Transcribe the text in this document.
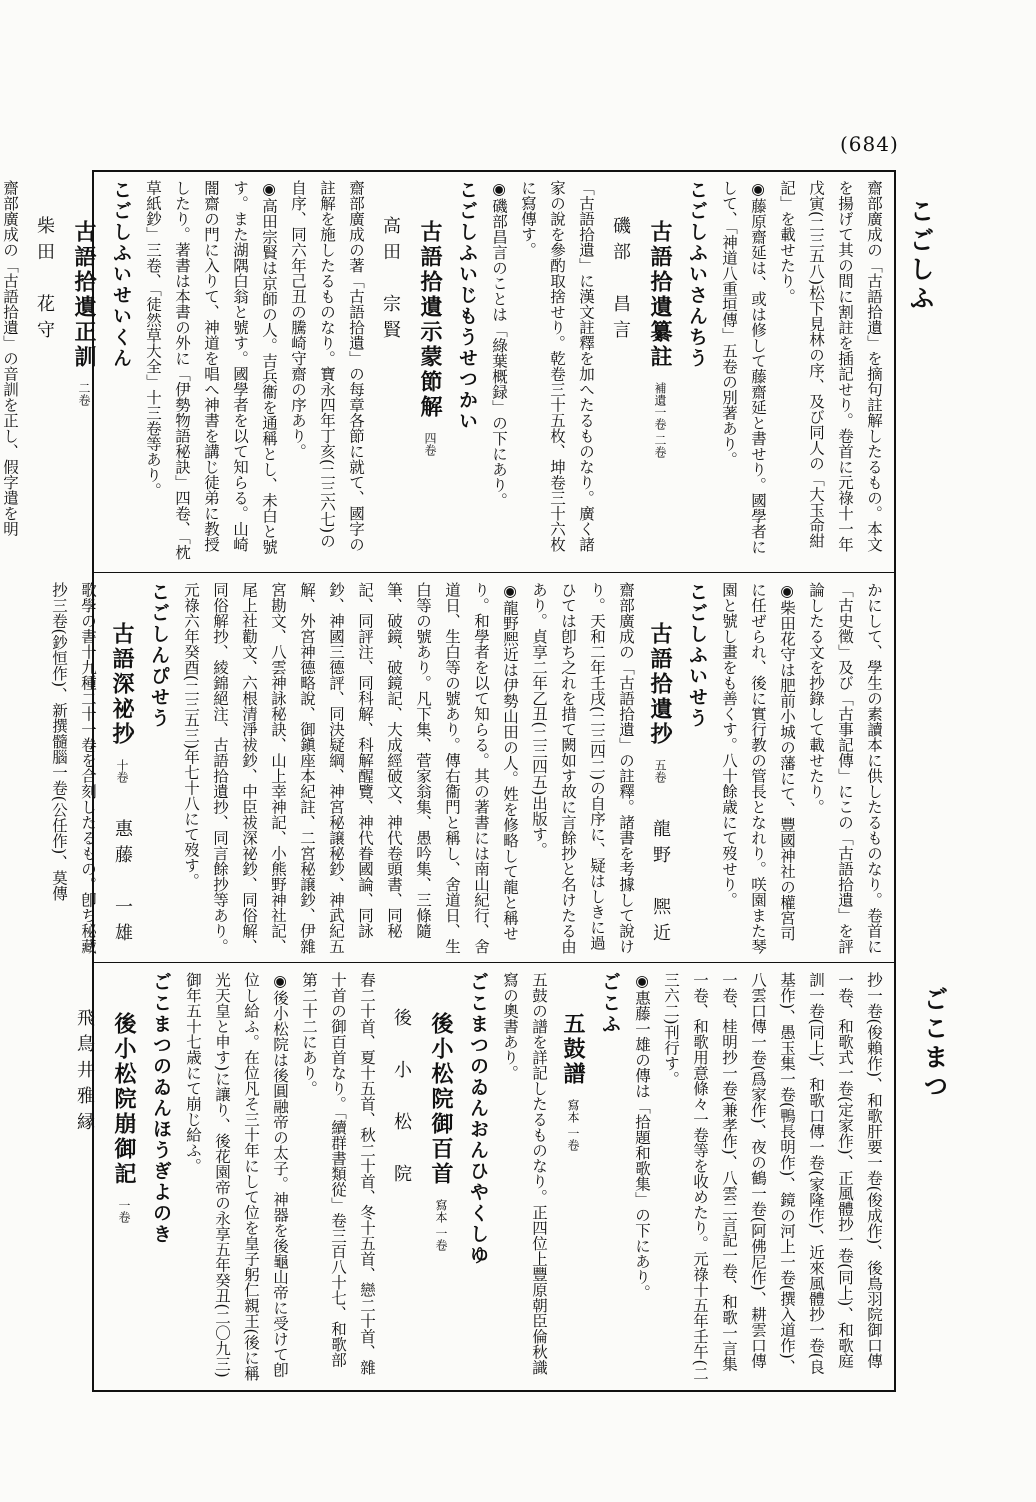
(684)
こごしふ
ごこまつ

齋部廣成の「古語拾遺」を摘句註解したるもの。本文を揚げて其の間に割註を插記せり。卷首に元祿十一年戊寅(二三五八)松下見林の序、及び同人の「大玉命紺記」を載せたり。

◉藤原齋延は、或は修して藤齋延と書せり。國學者にして、「神道八重垣傳」五卷の別著あり。

こごしふいさんちう
古語拾遺纂註補遺一卷 二卷磯部　昌言

「古語拾遺」に漢文註釋を加へたるものなり。廣く諸家の說を參酌取捨せり。乾卷三十五枚、坤卷三十六枚に寫傳す。

◉磯部昌言のことは「綠葉概録」の下にあり。

こごしふいじもうせつかい
古語拾遺示蒙節解四卷高田　宗賢

齋部廣成の著「古語拾遺」の每章各節に就て、國字の註解を施したるものなり。寶永四年丁亥(二三六七)の自序、同六年己丑の騰崎守齋の序あり。

◉高田宗賢は京師の人。吉兵衞を通稱とし、未白と號す。また湖隅白翁と號す。國學者を以て知らる。山崎闇齋の門に入りて、神道を唱へ神書を講じ徒弟に教授したり。著書は本書の外に「伊勢物語秘訣」四卷、「枕草紙鈔」三卷、「徒然草大全」十三卷等あり。

こごしふいせいくん
古語拾遺正訓二卷柴田　花守

齋部廣成の「古語拾遺」の音訓を正し、假字遣を明

かにして、學生の素讀本に供したるものなり。卷首に「古史徵」及び「古事記傳」にこの「古語拾遺」を評論したる文を抄錄して載せたり。

◉柴田花守は肥前小城の藩にて、豐國神社の權宮司に任ぜられ、後に實行教の管長となれり。咲園また琴園と號し畫をも善くす。八十餘歳にて歿せり。

こごしふいせう
古語拾遺抄五卷龍野　熈近

齋部廣成の「古語拾遺」の註釋。諸書を考據して說けり。天和二年壬戌(二三四二)の自序に、疑はしきに過ひては卽ち之れを措て闕如す故に言餘抄と名けたる由あり。貞享二年乙丑(二三四五)出版す。

◉龍野熈近は伊勢山田の人。姓を修略して龍と稱せり。和學者を以て知らる。其の著書には南山紀行、舍道日、生白等の號あり。傳右衞門と稱し、舍道日、生白等の號あり。凡下集、菅家翁集、愚吟集、三條隨筆、破鏡、破鏡記、大成經破文、神代卷頭書、同秘記、同評注、同科解、科解醒覽、神代眷國論、同詠鈔、神國三德評、同決疑綱、神宮秘譲秘鈔、神武紀五解、外宮神德略說、御鎭座本紀註、二宮秘譲鈔、伊雜宮勘文、八雲神詠秘訣、山上幸神記、小熊野神社記、尾上社勸文、六根清淨祓鈔、中臣祓深祕鈔、同俗解、同俗解抄、綾錦絕注、古語拾遺抄、同言餘抄等あり。元祿六年癸酉(二三五三)年七十八にて歿す。

こごしんぴせう
古語深祕抄十卷惠藤　一雄

歌學の書十九種二十一卷を合刻したるもの。卽ち秘藏抄三卷(鈔恒作)、新撰髓腦一卷(公任作)、莫傳

抄一卷(俊賴作)、和歌肝要一卷(俊成作)、後鳥羽院御口傳一卷、和歌式一卷(定家作)、正風體抄一卷(同上)、和歌庭訓一卷(同上)、和歌口傳一卷(家隆作)、近來風體抄一卷(良基作)、愚玉集一卷(鴨長明作)、鏡の河上一卷(撰入道作)、八雲口傳一卷(爲家作)、夜の鶴一卷(阿佛尼作)、耕雲口傳一卷、桂明抄一卷(兼孝作)、八雲二言記一卷、和歌一言集一卷、和歌用意條々一卷等を收めたり。元祿十五年壬午(二三六二)刊行す。

◉惠藤一雄の傳は「拾題和歌集」の下にあり。

ごこふ
五鼓譜寫本 一卷

五鼓の譜を詳記したるものなり。正四位上豐原朝臣倫秋識寫の奧書あり。

ごこまつのゐんおんひやくしゆ
後小松院御百首寫本 一卷後　小　松　院

春二十首、夏十五首、秋二十首、冬十五首、戀二十首、雜十首の御百首なり。「續群書類從」卷三百八十七、和歌部第二十二にあり。

◉後小松院は後圓融帝の太子。神器を後龜山帝に受けて卽位し給ふ。在位凡そ三十年にして位を皇子躬仁親王(後に稱光天皇と申す)に讓り、後花園帝の永享五年癸丑(二〇九三)御年五十七歳にて崩じ給ふ。

ごこまつのゐんほうぎよのき
後小松院崩御記一卷飛鳥井雅縁
